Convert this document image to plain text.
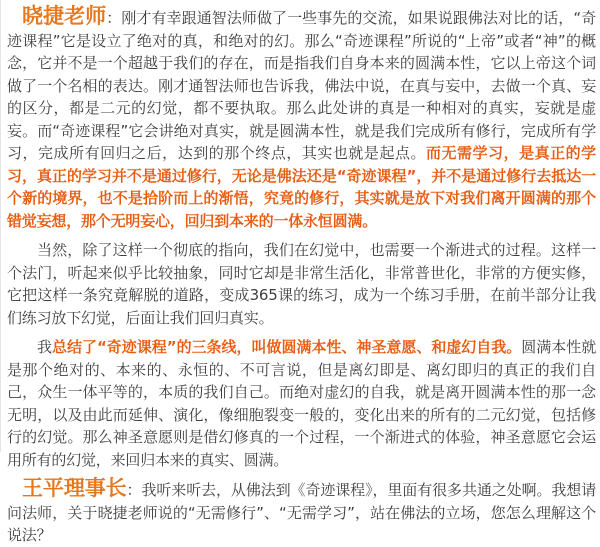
晓捷老师：刚才有幸跟通智法师做了一些事先的交流，如果说跟佛法对比的话，“奇迹课程”它是设立了绝对的真，和绝对的幻。那么“奇迹课程”所说的“上帝”或者“神”的概念，它并不是一个超越于我们的存在，而是指我们自身本来的圆满本性，它以上帝这个词做了一个名相的表达。刚才通智法师也告诉我，佛法中说，在真与妄中，去做一个真、妄的区分，都是二元的幻觉，都不要执取。那么此处讲的真是一种相对的真实，妄就是虚妄。而“奇迹课程”它会讲绝对真实，就是圆满本性，就是我们完成所有修行，完成所有学习，完成所有回归之后，达到的那个终点，其实也就是起点。而无需学习，是真正的学习，真正的学习并不是通过修行，无论是佛法还是“奇迹课程”，并不是通过修行去抵达一个新的境界，也不是拾阶而上的渐悟，究竟的修行，其实就是放下对我们离开圆满的那个错觉妄想，那个无明妄心，回归到本来的一体永恒圆满。

当然，除了这样一个彻底的指向，我们在幻觉中，也需要一个渐进式的过程。这样一个法门，听起来似乎比较抽象，同时它却是非常生活化，非常普世化，非常的方便实修，它把这样一条究竟解脱的道路，变成365课的练习，成为一个练习手册，在前半部分让我们练习放下幻觉，后面让我们回归真实。

我总结了“奇迹课程”的三条线，叫做圆满本性、神圣意愿、和虚幻自我。圆满本性就是那个绝对的、本来的、永恒的、不可言说，但是离幻即是、离幻即归的真正的我们自己，众生一体平等的，本质的我们自己。而绝对虚幻的自我，就是离开圆满本性的那一念无明，以及由此而延伸、演化，像细胞裂变一般的，变化出来的所有的二元幻觉，包括修行的幻觉。那么神圣意愿则是借幻修真的一个过程，一个渐进式的体验，神圣意愿它会运用所有的幻觉，来回归本来的真实、圆满。

王平理事长：我听来听去，从佛法到《奇迹课程》，里面有很多共通之处啊。我想请问法师，关于晓捷老师说的“无需修行”、“无需学习”，站在佛法的立场，您怎么理解这个说法？
